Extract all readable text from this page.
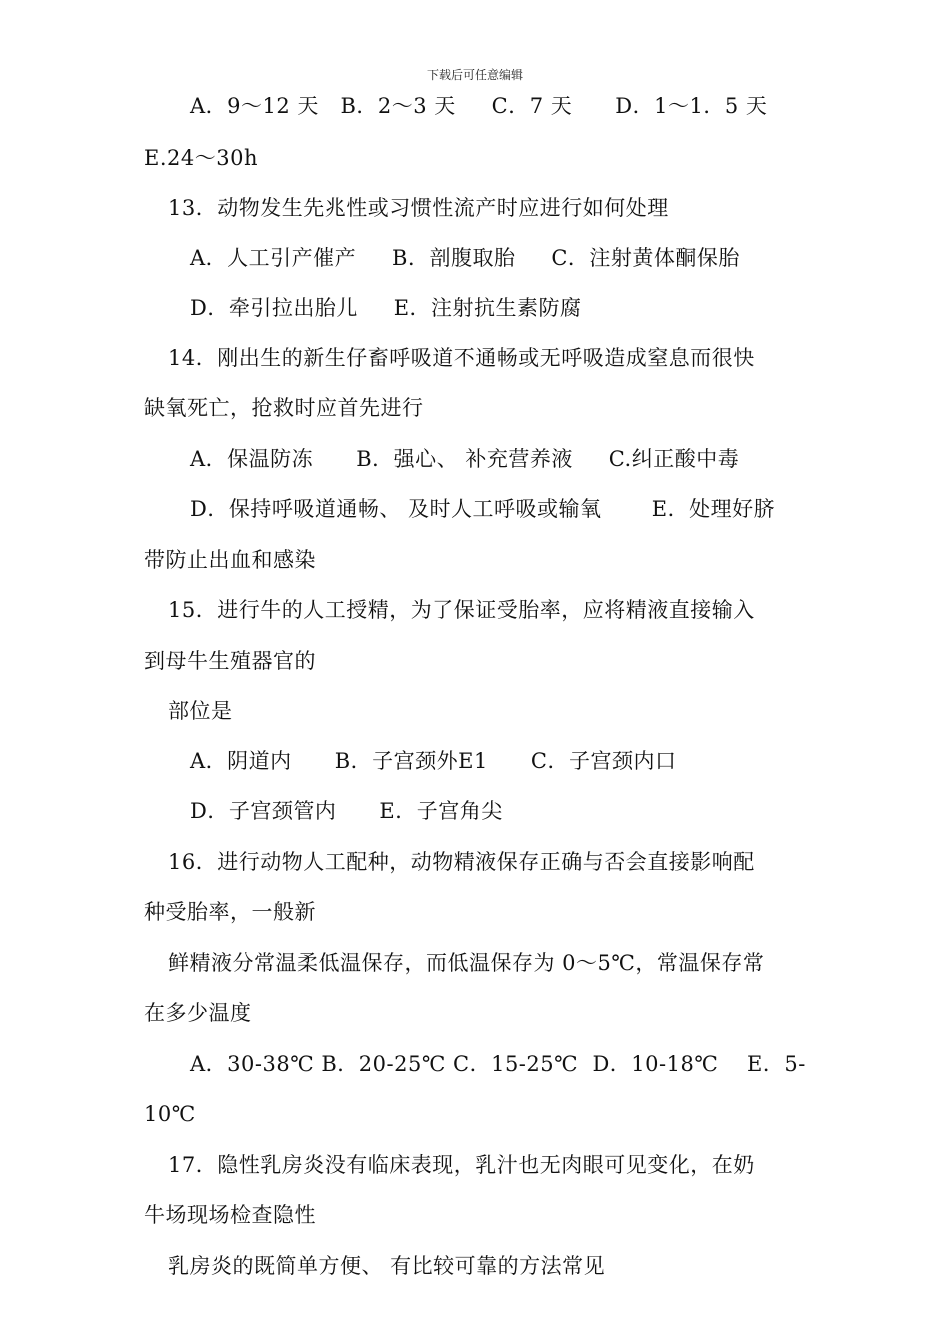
下载后可任意编辑
A．9～12 天   B．2～3 天     C．7 天      D．1～1．5 天
E.24～30h
13．动物发生先兆性或习惯性流产时应进行如何处理
A．人工引产催产     B．剖腹取胎     C．注射黄体酮保胎
D．牵引拉出胎儿     E．注射抗生素防腐
14．刚出生的新生仔畜呼吸道不通畅或无呼吸造成窒息而很快
缺氧死亡，抢救时应首先进行
A．保温防冻      B．强心、 补充营养液     C.纠正酸中毒
D．保持呼吸道通畅、 及时人工呼吸或输氧       E．处理好脐
带防止出血和感染
15．进行牛的人工授精，为了保证受胎率，应将精液直接输入
到母牛生殖器官的
部位是
A．阴道内      B．子宫颈外E1      C．子宫颈内口
D．子宫颈管内      E．子宫角尖
16．进行动物人工配种，动物精液保存正确与否会直接影响配
种受胎率，一般新
鲜精液分常温柔低温保存，而低温保存为 0～5℃，常温保存常
在多少温度
A．30-38℃ B．20-25℃ C．15-25℃  D．10-18℃    E．5-
10℃
17．隐性乳房炎没有临床表现，乳汁也无肉眼可见变化，在奶
牛场现场检查隐性
乳房炎的既简单方便、 有比较可靠的方法常见
